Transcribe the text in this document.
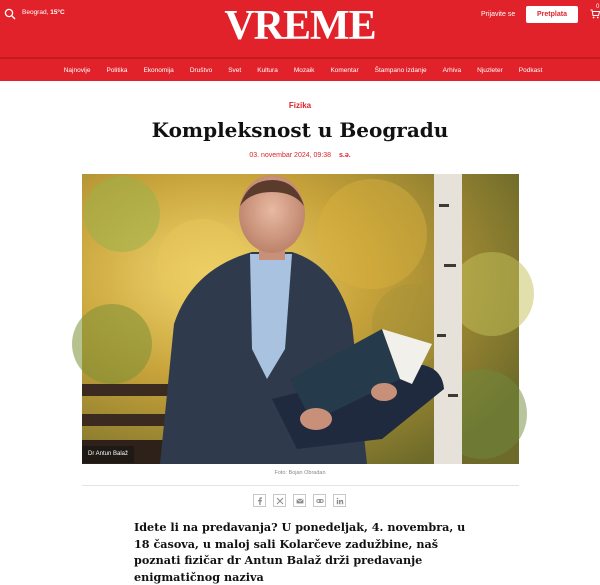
Beograd, 15°C	VREME	Prijavite se	Pretplata
0
Najnovije Politika Ekonomija Društvo Svet Kultura Mozaik Komentar Štampano izdanje Arhiva Njuzleter Podkast
Fizika
Kompleksnost u Beogradu
03. novembar 2024, 09:38 s.ə.
Dr Antun Balaž
Foto: Bojan Obradan

Idete li na predavanja? U ponedeljak, 4. novembra, u 18 časova, u maloj sali Kolarčeve zadužbine, naš poznati fizičar dr Antun Balaž drži predavanje enigmatičnog naziva
